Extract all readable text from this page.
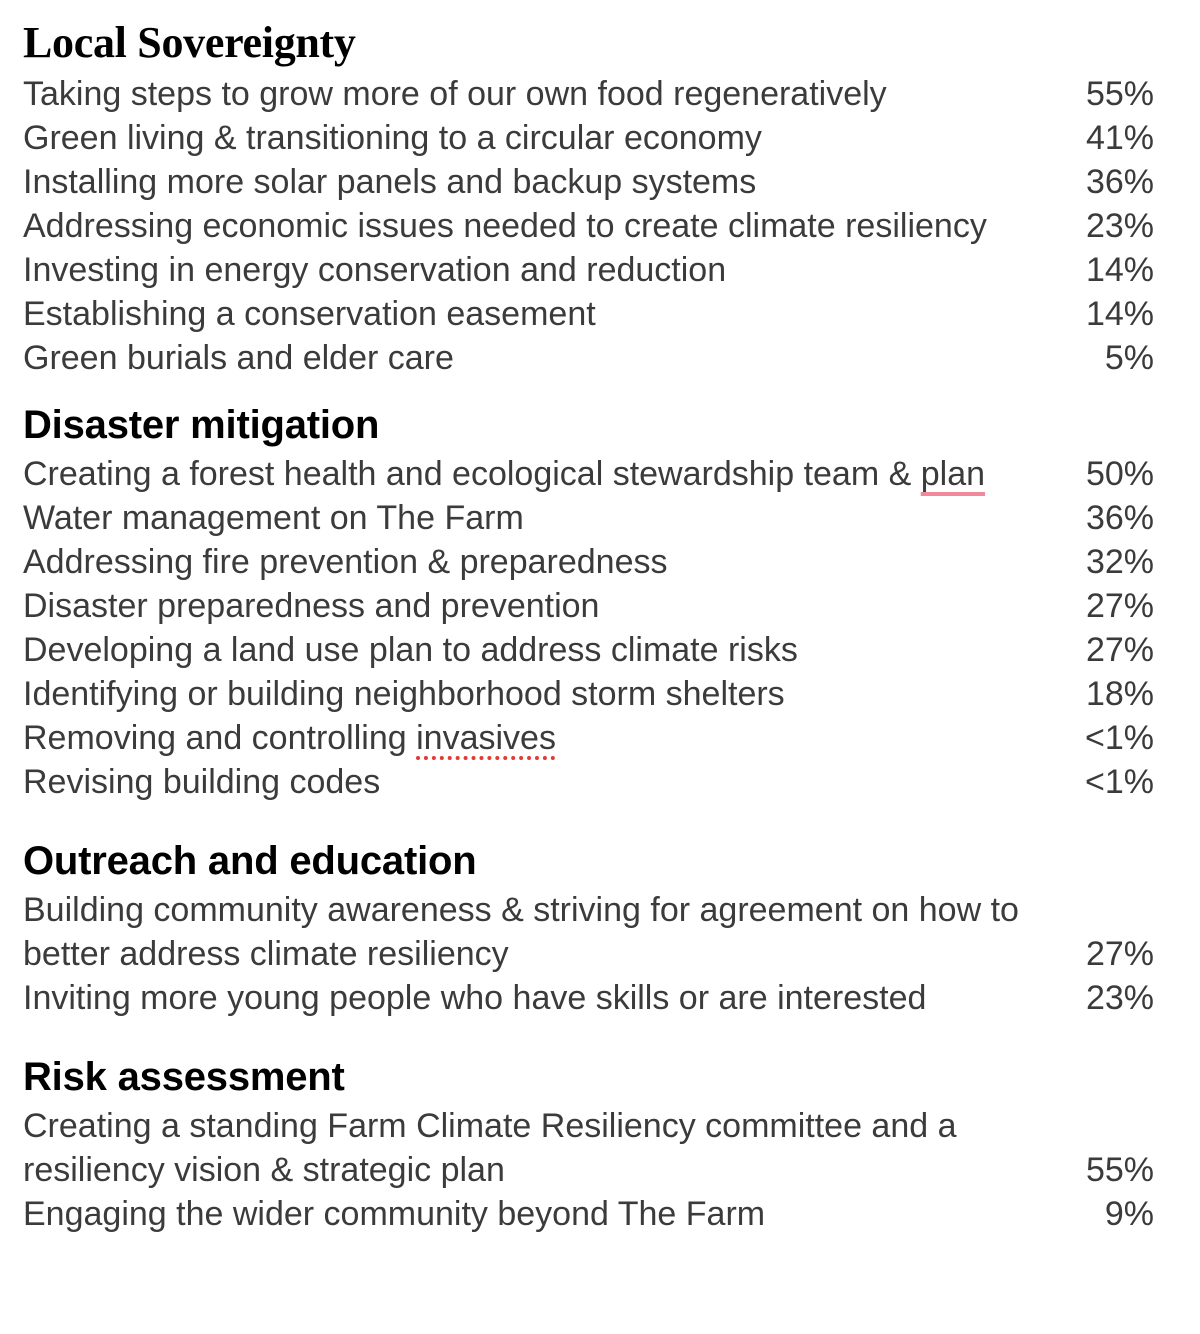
Local Sovereignty
Taking steps to grow more of our own food regeneratively	55%
Green living & transitioning to a circular economy	41%
Installing more solar panels and backup systems	36%
Addressing economic issues needed to create climate resiliency	23%
Investing in energy conservation and reduction	14%
Establishing a conservation easement	14%
Green burials and elder care	5%
Disaster mitigation
Creating a forest health and ecological stewardship team & plan	50%
Water management on The Farm	36%
Addressing fire prevention & preparedness	32%
Disaster preparedness and prevention	27%
Developing a land use plan to address climate risks	27%
Identifying or building neighborhood storm shelters	18%
Removing and controlling invasives	<1%
Revising building codes	<1%
Outreach and education
Building community awareness & striving for agreement on how to better address climate resiliency	27%
Inviting more young people who have skills or are interested	23%
Risk assessment
Creating a standing Farm Climate Resiliency committee and a resiliency vision & strategic plan	55%
Engaging the wider community beyond The Farm	9%
